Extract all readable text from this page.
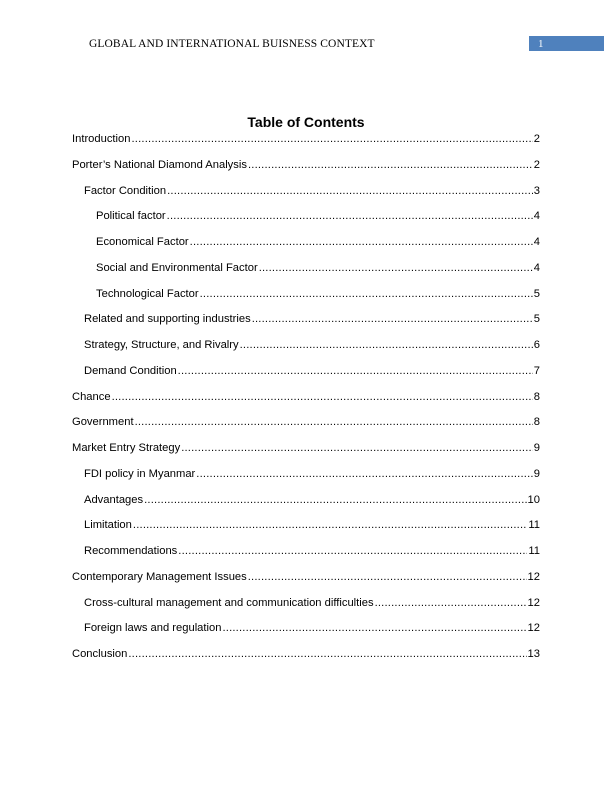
GLOBAL AND INTERNATIONAL BUISNESS CONTEXT	1
Table of Contents
Introduction .....	2
Porter’s National Diamond Analysis .....	2
Factor Condition .....	3
Political factor .....	4
Economical Factor .....	4
Social and Environmental Factor .....	4
Technological Factor .....	5
Related and supporting industries .....	5
Strategy, Structure, and Rivalry .....	6
Demand Condition .....	7
Chance .....	8
Government .....	8
Market Entry Strategy .....	9
FDI policy in Myanmar .....	9
Advantages .....	10
Limitation .....	11
Recommendations .....	11
Contemporary Management Issues .....	12
Cross-cultural management and communication difficulties .....	12
Foreign laws and regulation .....	12
Conclusion .....	13
